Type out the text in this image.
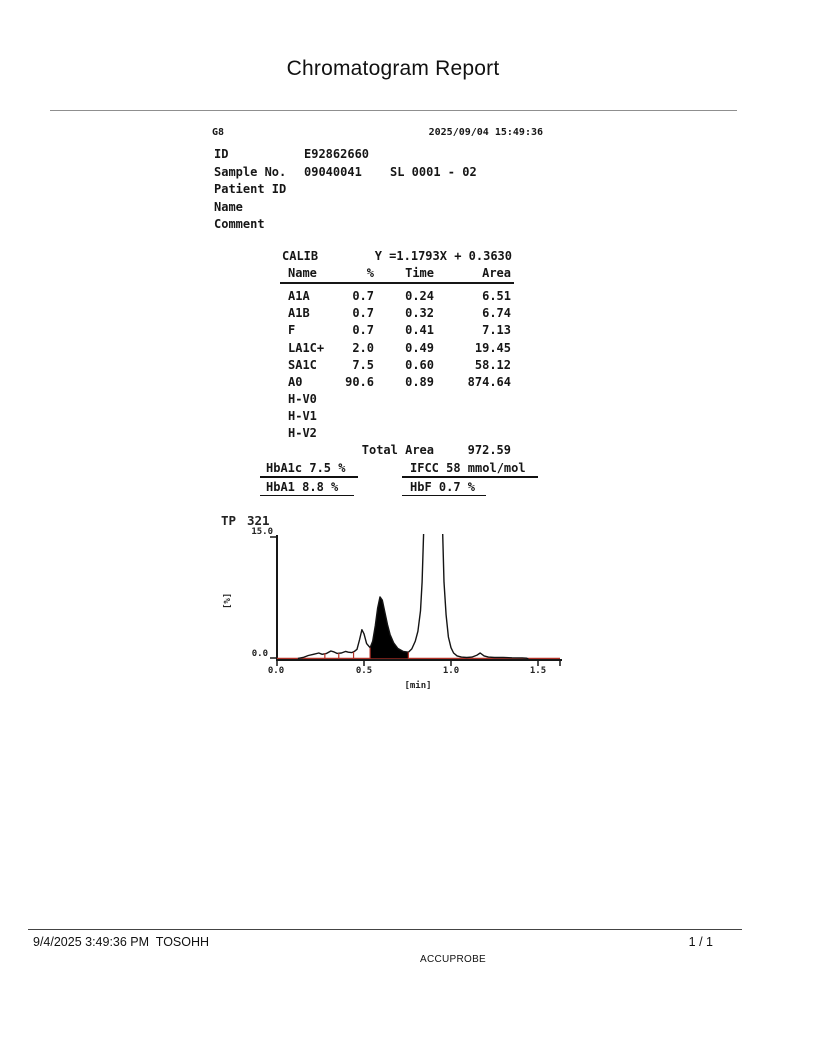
Chromatogram Report
G8	2025/09/04 15:49:36
ID	E92862660
Sample No.	09040041	SL 0001 - 02
Patient ID
Name
Comment
CALIB	Y =1.1793X + 0.3630
Name	%	Time	Area
A1A	0.7	0.24	6.51
A1B	0.7	0.32	6.74
F	0.7	0.41	7.13
LA1C+	2.0	0.49	19.45
SA1C	7.5	0.60	58.12
A0	90.6	0.89	874.64
H-V0
H-V1
H-V2
Total Area	972.59
HbA1c 7.5 %	IFCC 58 mmol/mol
HbA1 8.8 %	HbF 0.7 %
TP 321
15.0
0.0
[%]
0.0	0.5	1.0	1.5
[min]
9/4/2025 3:49:36 PM  TOSOHH	1 / 1
ACCUPROBE
